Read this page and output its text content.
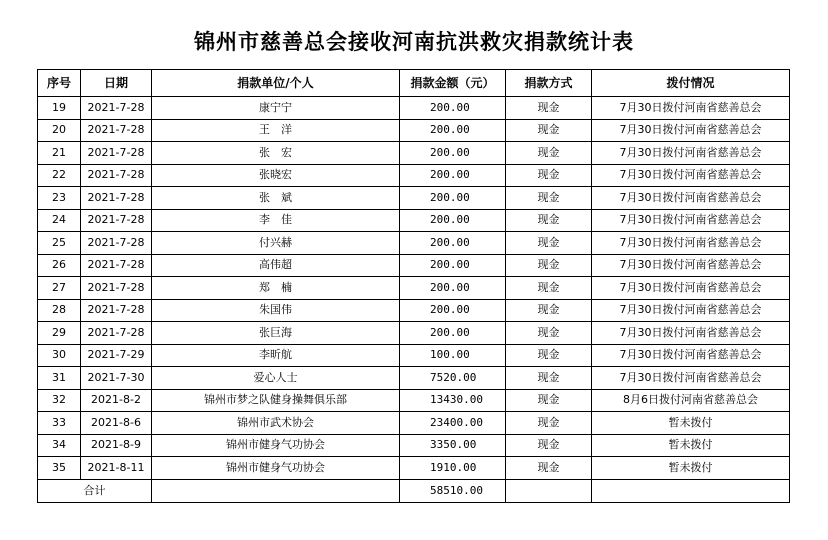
锦州市慈善总会接收河南抗洪救灾捐款统计表
序号	日期	捐款单位/个人	捐款金额（元）	捐款方式	拨付情况
19	2021-7-28	康宁宁	200.00	现金	7月30日拨付河南省慈善总会
20	2021-7-28	王　洋	200.00	现金	7月30日拨付河南省慈善总会
21	2021-7-28	张　宏	200.00	现金	7月30日拨付河南省慈善总会
22	2021-7-28	张晓宏	200.00	现金	7月30日拨付河南省慈善总会
23	2021-7-28	张　斌	200.00	现金	7月30日拨付河南省慈善总会
24	2021-7-28	李　佳	200.00	现金	7月30日拨付河南省慈善总会
25	2021-7-28	付兴赫	200.00	现金	7月30日拨付河南省慈善总会
26	2021-7-28	高伟超	200.00	现金	7月30日拨付河南省慈善总会
27	2021-7-28	郑　楠	200.00	现金	7月30日拨付河南省慈善总会
28	2021-7-28	朱国伟	200.00	现金	7月30日拨付河南省慈善总会
29	2021-7-28	张巨海	200.00	现金	7月30日拨付河南省慈善总会
30	2021-7-29	李昕航	100.00	现金	7月30日拨付河南省慈善总会
31	2021-7-30	爱心人士	7520.00	现金	7月30日拨付河南省慈善总会
32	2021-8-2	锦州市梦之队健身操舞俱乐部	13430.00	现金	8月6日拨付河南省慈善总会
33	2021-8-6	锦州市武术协会	23400.00	现金	暂未拨付
34	2021-8-9	锦州市健身气功协会	3350.00	现金	暂未拨付
35	2021-8-11	锦州市健身气功协会	1910.00	现金	暂未拨付
合计			58510.00		
